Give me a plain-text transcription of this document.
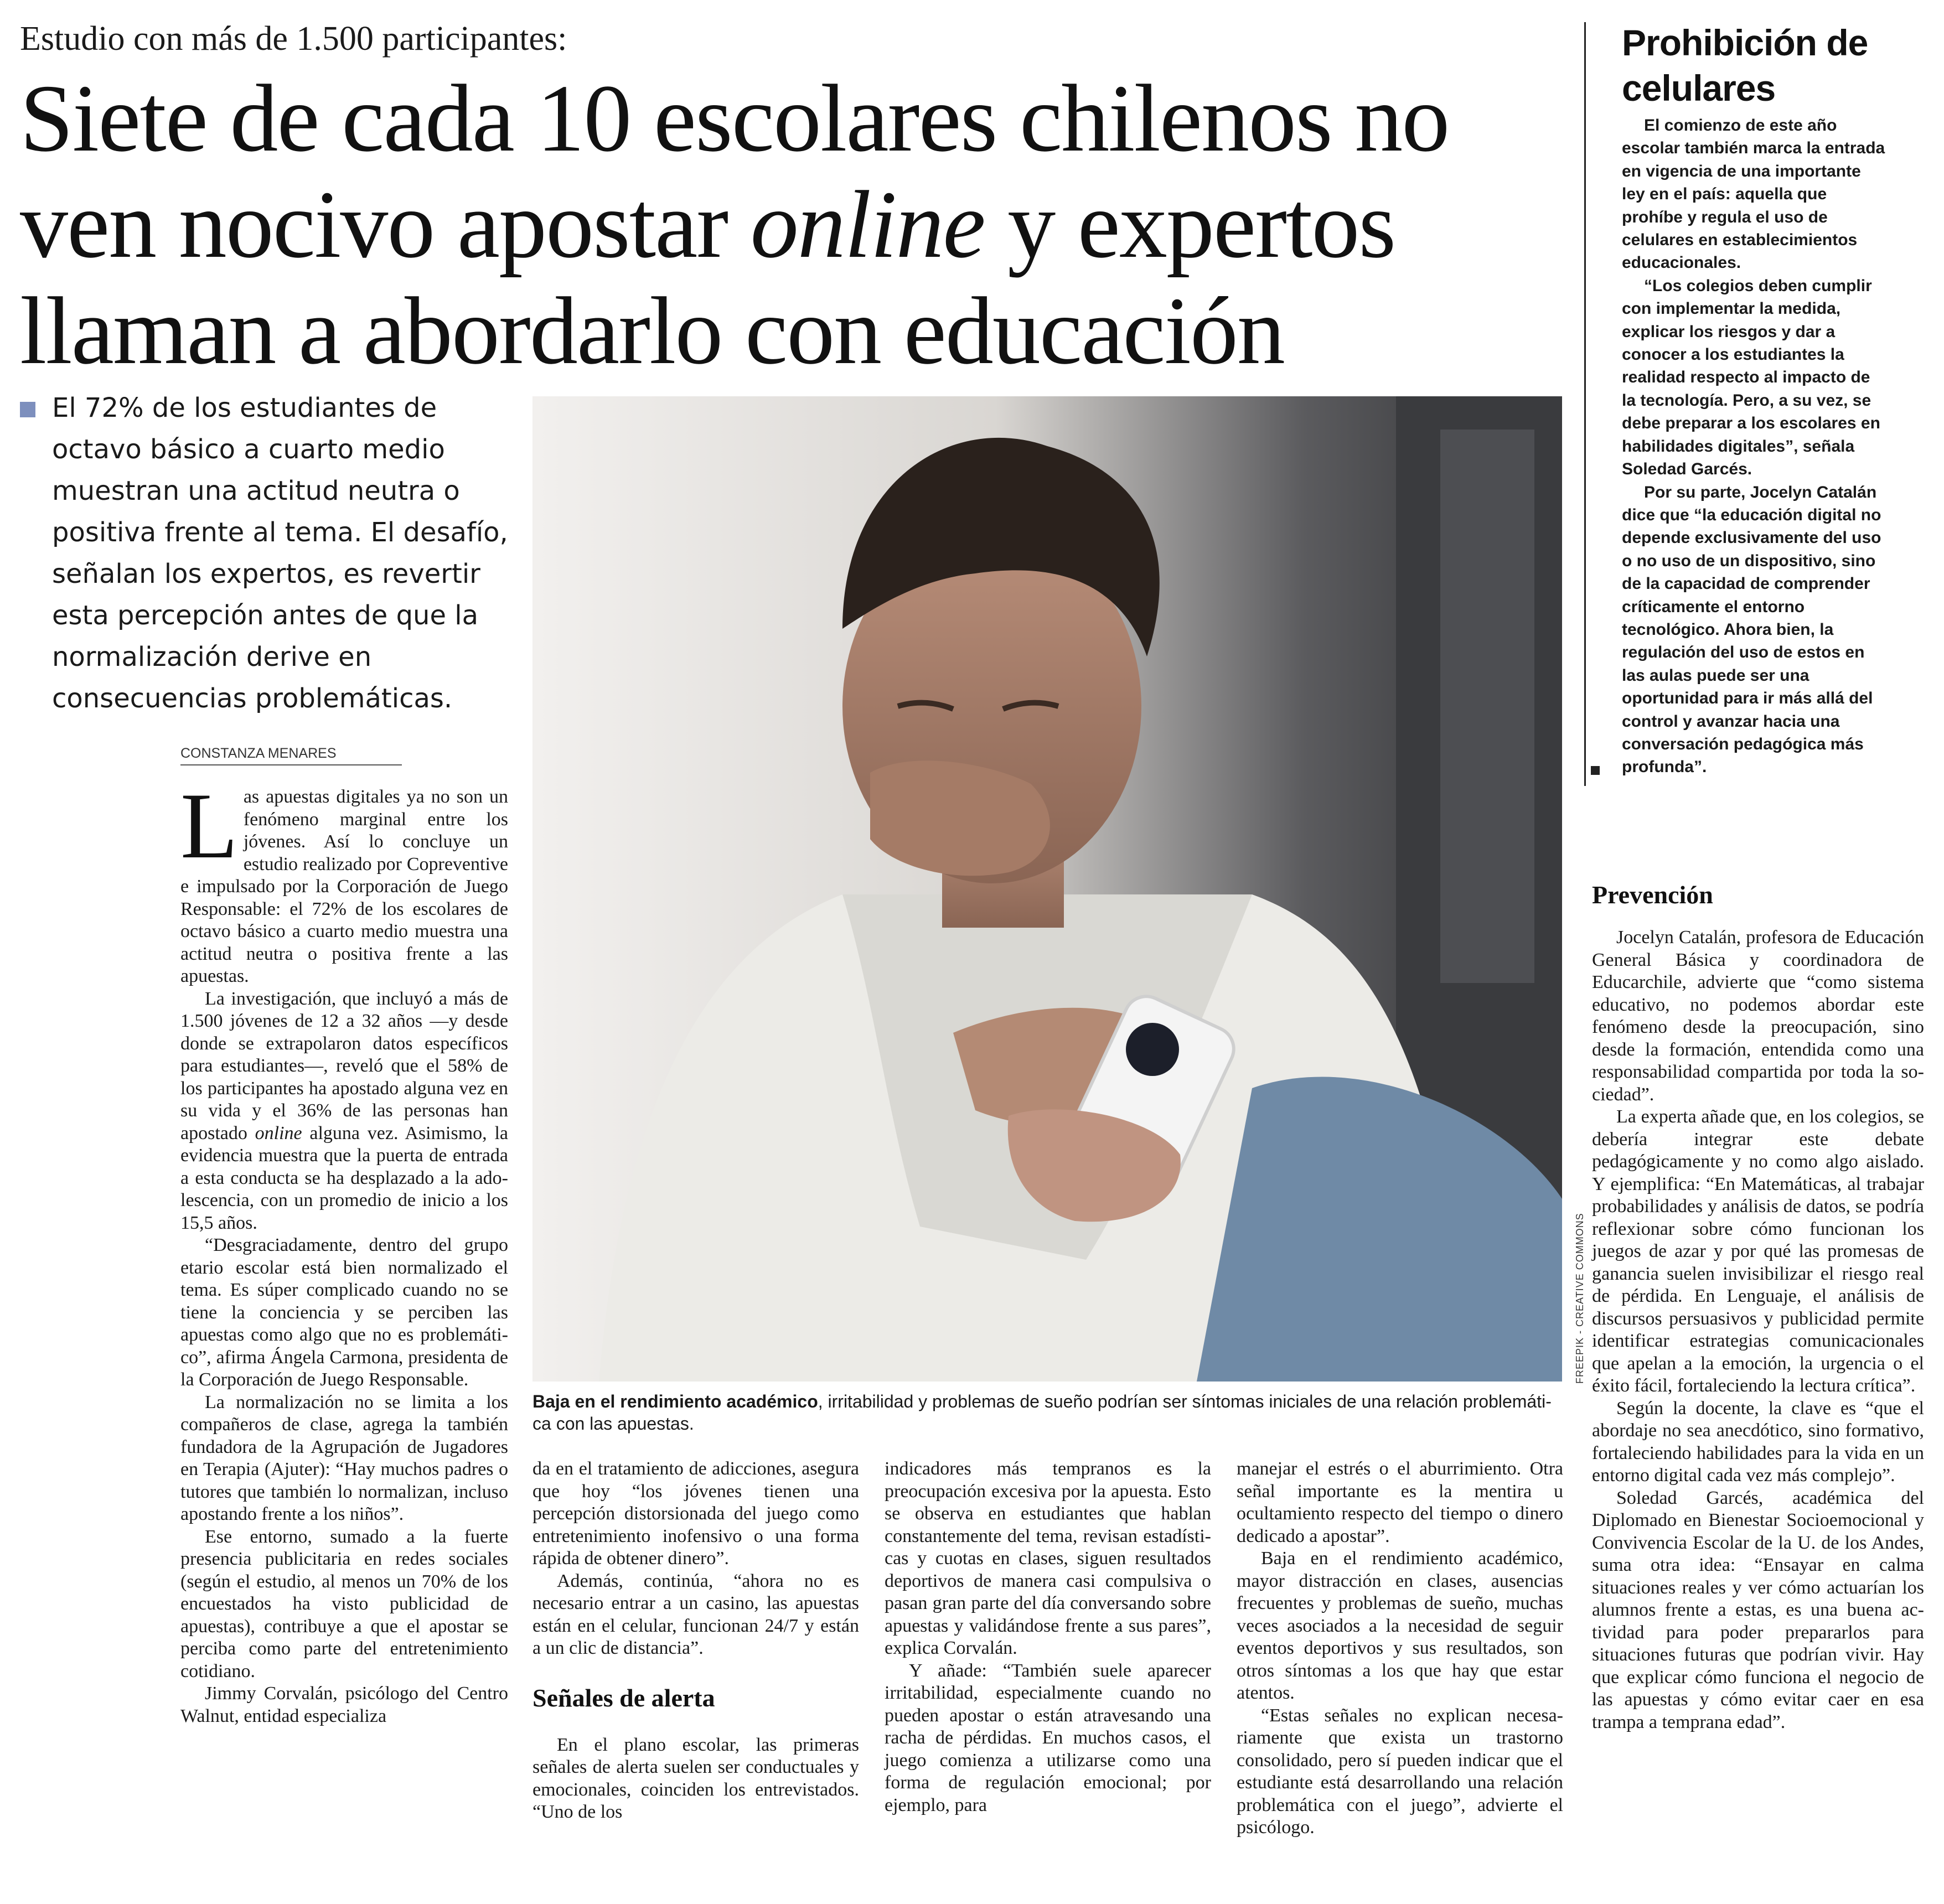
Estudio con más de 1.500 participantes:
Siete de cada 10 escolares chilenos no ven nocivo apostar online y expertos llaman a abordarlo con educación
El 72% de los estudiantes de octavo básico a cuarto medio muestran una actitud neutra o positiva frente al tema. El desafío, señalan los expertos, es revertir esta percepción antes de que la normalización derive en consecuencias problemáticas.
CONSTANZA MENARES

Las apuestas digitales ya no son un fenómeno marginal entre los jóvenes. Así lo concluye un estudio realizado por Copreventive e impulsado por la Corporación de Juego Responsable: el 72% de los escolares de octavo básico a cuarto medio muestra una actitud neutra o positiva frente a las apuestas.

La investigación, que incluyó a más de 1.500 jóvenes de 12 a 32 años —y desde donde se extrapolaron datos específicos para estudiantes—, reveló que el 58% de los participantes ha apostado alguna vez en su vida y el 36% de las personas han apostado online alguna vez. Asimismo, la evidencia muestra que la puerta de entrada a esta conducta se ha desplazado a la adolescencia, con un promedio de inicio a los 15,5 años.

“Desgraciadamente, dentro del grupo etario escolar está bien normalizado el tema. Es súper complicado cuando no se tiene la conciencia y se perciben las apuestas como algo que no es problemático”, afirma Ángela Carmona, presidenta de la Corporación de Juego Responsable.

La normalización no se limita a los compañeros de clase, agrega la también fundadora de la Agrupación de Jugadores en Terapia (Ajuter): “Hay muchos padres o tutores que también lo normalizan, incluso apostando frente a los niños”.

Ese entorno, sumado a la fuerte presencia publicitaria en redes sociales (según el estudio, al menos un 70% de los encuestados ha visto publicidad de apuestas), contribuye a que el apostar se perciba como parte del entretenimiento cotidiano.

Jimmy Corvalán, psicólogo del Centro Walnut, entidad especializa

FREEPIK - CREATIVE COMMONS
Baja en el rendimiento académico, irritabilidad y problemas de sueño podrían ser síntomas iniciales de una relación problemática con las apuestas.

da en el tratamiento de adicciones, asegura que hoy “los jóvenes tienen una percepción distorsionada del juego como entretenimiento inofensivo o una forma rápida de obtener dinero”.

Además, continúa, “ahora no es necesario entrar a un casino, las apuestas están en el celular, funcionan 24/7 y están a un clic de distancia”.

Señales de alerta

En el plano escolar, las primeras señales de alerta suelen ser conductuales y emocionales, coinciden los entrevistados. “Uno de los

indicadores más tempranos es la preocupación excesiva por la apuesta. Esto se observa en estudiantes que hablan constantemente del tema, revisan estadísticas y cuotas en clases, siguen resultados deportivos de manera casi compulsiva o pasan gran parte del día conversando sobre apuestas y validándose frente a sus pares”, explica Corvalán.

Y añade: “También suele aparecer irritabilidad, especialmente cuando no pueden apostar o están atravesando una racha de pérdidas. En muchos casos, el juego comienza a utilizarse como una forma de regulación emocional; por ejemplo, para

manejar el estrés o el aburrimiento. Otra señal importante es la mentira u ocultamiento respecto del tiempo o dinero dedicado a apostar”.

Baja en el rendimiento académico, mayor distracción en clases, ausencias frecuentes y problemas de sueño, muchas veces asociados a la necesidad de seguir eventos deportivos y sus resultados, son otros síntomas a los que hay que estar atentos.

“Estas señales no explican necesariamente que exista un trastorno consolidado, pero sí pueden indicar que el estudiante está desarrollando una relación problemática con el juego”, advierte el psicólogo.

Prohibición de celulares

El comienzo de este año escolar también marca la entrada en vigencia de una importante ley en el país: aquella que prohíbe y regula el uso de celulares en establecimientos educacionales.

“Los colegios deben cumplir con implementar la medida, explicar los riesgos y dar a conocer a los estudiantes la realidad respecto al impacto de la tecnología. Pero, a su vez, se debe preparar a los escolares en habilidades digitales”, señala Soledad Garcés.

Por su parte, Jocelyn Catalán dice que “la educación digital no depende exclusivamente del uso o no uso de un dispositivo, sino de la capacidad de comprender críticamente el entorno tecnológico. Ahora bien, la regulación del uso de estos en las aulas puede ser una oportunidad para ir más allá del control y avanzar hacia una conversación pedagógica más profunda”.

Prevención

Jocelyn Catalán, profesora de Educación General Básica y coordinadora de Educarchile, advierte que “como sistema educativo, no podemos abordar este fenómeno desde la preocupación, sino desde la formación, entendida como una responsabilidad compartida por toda la sociedad”.

La experta añade que, en los colegios, se debería integrar este debate pedagógicamente y no como algo aislado. Y ejemplifica: “En Matemáticas, al trabajar probabilidades y análisis de datos, se podría reflexionar sobre cómo funcionan los juegos de azar y por qué las promesas de ganancia suelen invisibilizar el riesgo real de pérdida. En Lenguaje, el análisis de discursos persuasivos y publicidad permite identificar estrategias comunicacionales que apelan a la emoción, la urgencia o el éxito fácil, fortaleciendo la lectura crítica”.

Según la docente, la clave es “que el abordaje no sea anecdótico, sino formativo, fortaleciendo habilidades para la vida en un entorno digital cada vez más complejo”.

Soledad Garcés, académica del Diplomado en Bienestar Socioemocional y Convivencia Escolar de la U. de los Andes, suma otra idea: “Ensayar en calma situaciones reales y ver cómo actuarían los alumnos frente a estas, es una buena actividad para poder prepararlos para situaciones futuras que podrían vivir. Hay que explicar cómo funciona el negocio de las apuestas y cómo evitar caer en esa trampa a temprana edad”.
